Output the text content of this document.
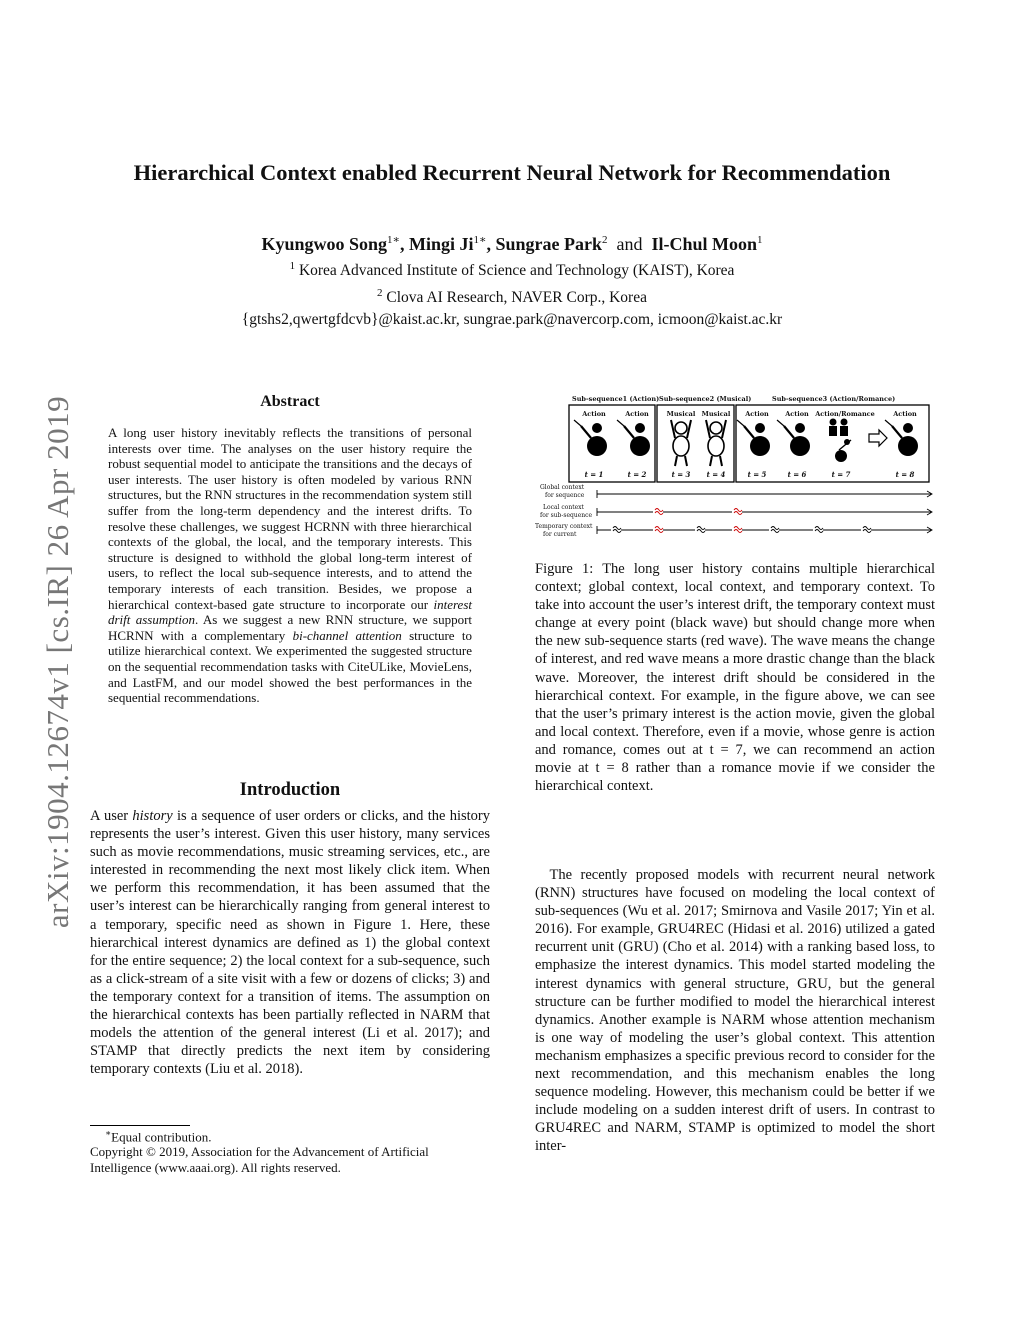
arXiv:1904.12674v1 [cs.IR] 26 Apr 2019
Hierarchical Context enabled Recurrent Neural Network for Recommendation
Kyungwoo Song$^{1∗}$, Mingi $Ji^{1∗}$, Sungrae Park$^2$ and Il-Chul Moon$^1$
$^1$ Korea Advanced Institute of Science and Technology (KAIST), Korea
$^2$ Clova AI Research, NAVER Corp., Korea
{gtshs2,qwertgfdcvb}@kaist.ac.kr, sungrae.park@navercorp.com, icmoon@kaist.ac.kr
Abstract
A long user history inevitably reflects the transitions of personal interests over time. The analyses on the user history require the robust sequential model to anticipate the transitions and the decays of user interests. The user history is often modeled by various RNN structures, but the RNN structures in the recommendation system still suffer from the long-term dependency and the interest drifts. To resolve these challenges, we suggest HCRNN with three hierarchical contexts of the global, the local, and the temporary interests. This structure is designed to withhold the global long-term interest of users, to reflect the local sub-sequence interests, and to attend the temporary interests of each transition. Besides, we propose a hierarchical context-based gate structure to incorporate our interest drift assumption. As we suggest a new RNN structure, we support HCRNN with a complementary bi-channel attention structure to utilize hierarchical context. We experimented the suggested structure on the sequential recommendation tasks with CiteULike, MovieLens, and LastFM, and our model showed the best performances in the sequential recommendations.
Introduction
A user history is a sequence of user orders or clicks, and the history represents the user’s interest. Given this user history, many services such as movie recommendations, music streaming services, etc., are interested in recommending the next most likely click item. When we perform this recommendation, it has been assumed that the user’s interest can be hierarchically ranging from general interest to a temporary, specific need as shown in Figure 1. Here, these hierarchical interest dynamics are defined as 1) the global context for the entire sequence; 2) the local context for a sub-sequence, such as a click-stream of a site visit with a few or dozens of clicks; 3) and the temporary context for a transition of items. The assumption on the hierarchical contexts has been partially reflected in NARM that models the attention of the general interest (Li et al. 2017); and STAMP that directly predicts the next item by considering temporary contexts (Liu et al. 2018).
∗Equal contribution.
Copyright © 2019, Association for the Advancement of Artificial Intelligence (www.aaai.org). All rights reserved.
Sub-sequence1 (Action) Sub-sequence2 (Musical)	Sub-sequence3 (Action/Romance)
Action	Action	Musical Musical Action	Action Action/Romance	Action
t = 1	t = 2	t = 3 t = 4	t = 5	t = 6	t = 7	t = 8
Global context
for sequence
Local context
for sub-sequence
Temporary context
for current
Figure 1: The long user history contains multiple hierarchical context; global context, local context, and temporary context. To take into account the user’s interest drift, the temporary context must change at every point (black wave) but should change more when the new sub-sequence starts (red wave). The wave means the change of interest, and red wave means a more drastic change than the black wave. Moreover, the interest drift should be considered in the hierarchical context. For example, in the figure above, we can see that the user’s primary interest is the action movie, given the global and local context. Therefore, even if a movie, whose genre is action and romance, comes out at t = 7, we can recommend an action movie at t = 8 rather than a romance movie if we consider the hierarchical context.
The recently proposed models with recurrent neural network (RNN) structures have focused on modeling the local context of sub-sequences (Wu et al. 2017; Smirnova and Vasile 2017; Yin et al. 2016). For example, GRU4REC (Hidasi et al. 2016) utilized a gated recurrent unit (GRU) (Cho et al. 2014) with a ranking based loss, to emphasize the interest dynamics. This model started modeling the interest dynamics with general structure, GRU, but the general structure can be further modified to model the hierarchical interest dynamics. Another example is NARM whose attention mechanism is one way of modeling the user’s global context. This attention mechanism emphasizes a specific previous record to consider for the next recommendation, and this mechanism enables the long sequence modeling. However, this mechanism could be better if we include modeling on a sudden interest drift of users. In contrast to GRU4REC and NARM, STAMP is optimized to model the short inter-
